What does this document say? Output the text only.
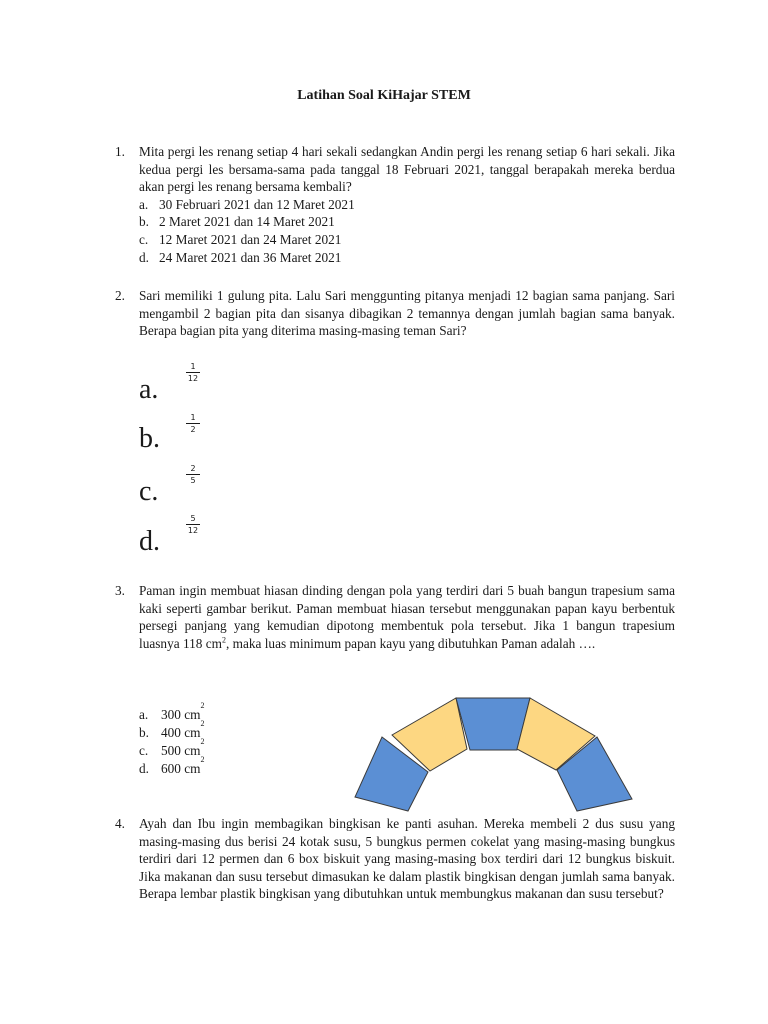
Latihan Soal KiHajar STEM
1. Mita pergi les renang setiap 4 hari sekali sedangkan Andin pergi les renang setiap 6 hari sekali. Jika kedua pergi les bersama-sama pada tanggal 18 Februari 2021, tanggal berapakah mereka berdua akan pergi les renang bersama kembali?
a. 30 Februari 2021 dan 12 Maret 2021
b. 2 Maret 2021 dan 14 Maret 2021
c. 12 Maret 2021 dan 24 Maret 2021
d. 24 Maret 2021 dan 36 Maret 2021
2. Sari memiliki 1 gulung pita. Lalu Sari menggunting pitanya menjadi 12 bagian sama panjang. Sari mengambil 2 bagian pita dan sisanya dibagikan 2 temannya dengan jumlah bagian sama banyak. Berapa bagian pita yang diterima masing-masing teman Sari?
a.
$\frac{1}{12}$
b.	$\frac{1}{2}$
c.
$\frac{2}{5}$
d.
$\frac{5}{12}$
3. Paman ingin membuat hiasan dinding dengan pola yang terdiri dari 5 buah bangun trapesium sama kaki seperti gambar berikut. Paman membuat hiasan tersebut menggunakan papan kayu berbentuk persegi panjang yang kemudian dipotong membentuk pola tersebut. Jika 1 bangun trapesium luasnya 118 $cm^2$, maka luas minimum papan kayu yang dibutuhkan Paman adalah ….
a. 300 cm
2
b. 400 cm
2
c. 500 cm
2
d. 600 cm
2
4. Ayah dan Ibu ingin membagikan bingkisan ke panti asuhan. Mereka membeli 2 dus susu yang masing-masing dus berisi 24 kotak susu, 5 bungkus permen cokelat yang masing-masing bungkus terdiri dari 12 permen dan 6 box biskuit yang masing-masing box terdiri dari 12 bungkus biskuit. Jika makanan dan susu tersebut dimasukan ke dalam plastik bingkisan dengan jumlah sama banyak. Berapa lembar plastik bingkisan yang dibutuhkan untuk membungkus makanan dan susu tersebut?
